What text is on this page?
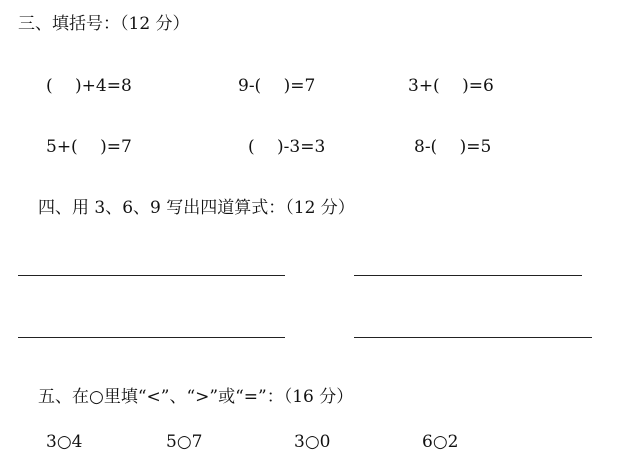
三、填括号：（12 分）
(　 )+4=8	9-(　 )=7	3+(　 )=6
5+(　 )=7	(　 )-3=3	8-(　 )=5
四、用 3、6、9 写出四道算式：（12 分）
五、在○里填“<”、“>”或“=”：（16 分）
3○4	5○7	3○0	6○2
